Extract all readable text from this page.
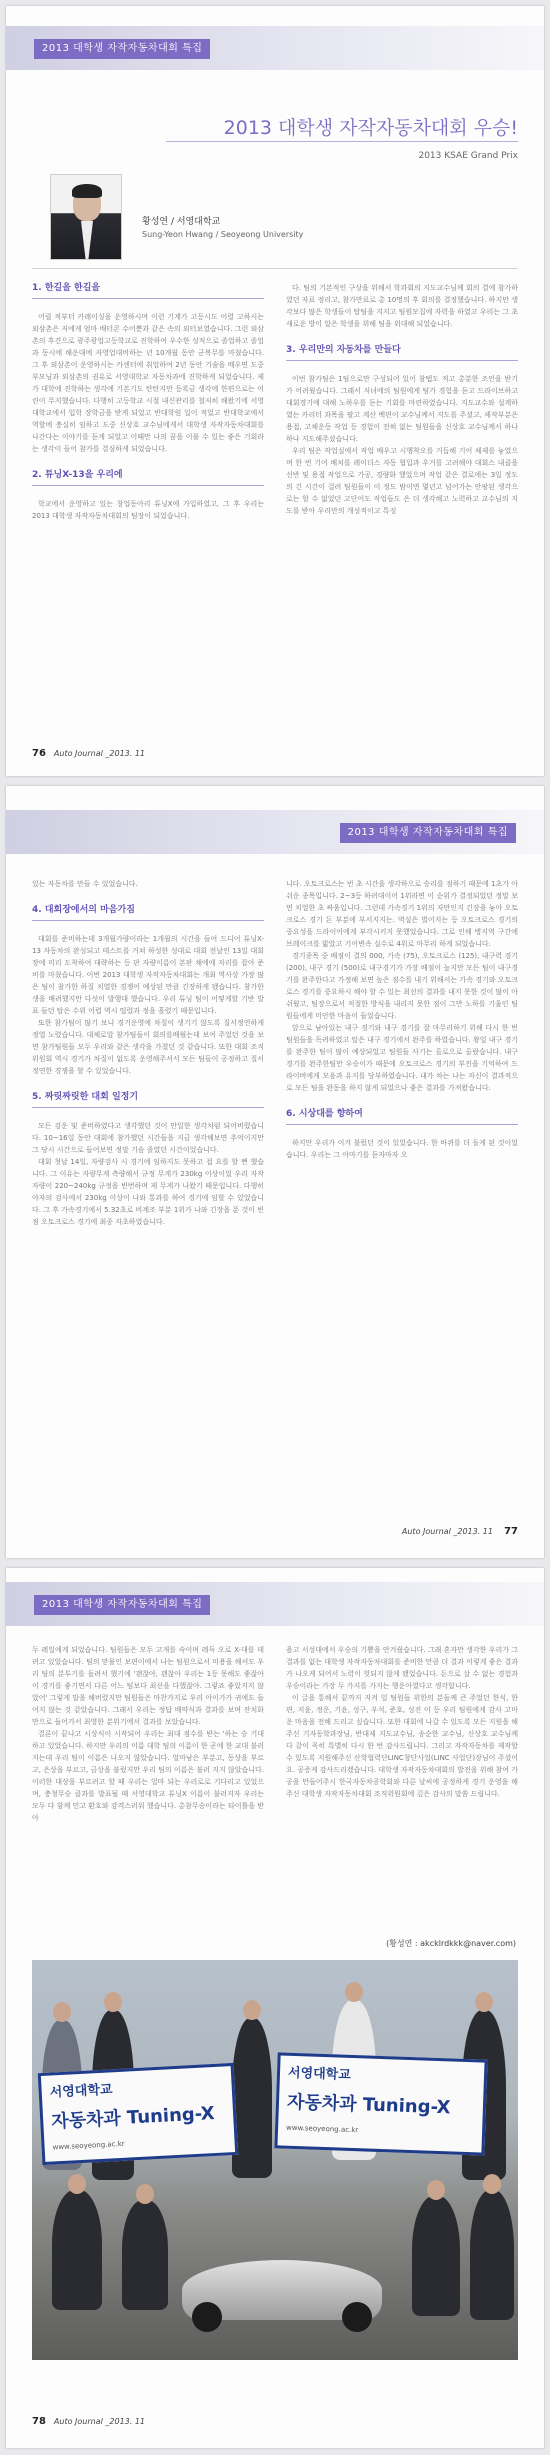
2013 대학생 자작자동차대회 특집
2013 대학생 자작자동차대회 우승!
2013 KSAE Grand Prix
황성연 / 서영대학교
Sung-Yeon Hwang / Seoyeong University
1. 한길을 한길을

어릴 적부터 카레이싱을 운영하시며 이런 기계가 고등시도 어렸 고하시는 외삼촌은 저에게 엄마 배터콘 수어뿐과 같은 속의 외터보였습니다. 그런 외삼촌의 후견으로 광주광업고등학교로 진학하여 우수한 성적으로 졸업하고 졸업과 동시에 해운대에 자영업대비하는 년 10개월 동안 군복무를 마쳤습니다. 그 후 외삼촌이 운영하시는 카센터에 취업하여 2년 동안 기술을 배우면 도중 부모님과 외삼촌의 권유로 서영대학교 자동차과에 진학하게 되었습니다. 제가 대학에 진학하는 생각에 기본기도 탄탄지만 등록금 생각에 한편으로는 어린이 무지했습니다. 다행히 고등학교 시절 내신관리를 철저히 해왔기에 서영대학교에서 입학 장학금을 받게 되었고 반대학원 일이 적었고 반대학교에서 역할에 충실히 임하고 도중 신상호 교수님에게서 대학생 자작자동차대회를 나간다는 이야기를 듣게 되었고 이때만 나의 꿈을 이룰 수 있는 좋은 기회라는 생각이 들어 참가를 결심하게 되었습니다.

2. 튜닝X-13을 우리에

학교에서 운영하고 있는 창업동아리 튜닝X에 가입하였고, 그 후 우리는 2013 대학생 자작자동차대회의 팀장이 되었습니다.

다. 팀의 기본적인 구상을 위해서 학과회의 지도교수님께 회의 결에 참가하였던 자료 정리고, 참가만료로 총 10명의 후 회의를 결정했습니다. 하지만 생각보다 많은 학생들이 탑팀을 지지고 팀원모집에 자력을 하였고 우리는 그 초 새로운 방이 알은 학생을 위해 팀을 위대해 되었습니다.

3. 우리만의 자동차를 만들다

이번 참가팀은 1팀으로만 구성되어 있어 참탭도 적고 총분한 조언을 받기가 어려웠습니다. 그래서 저녀에의 팀원에게 팀가 경험을 듣고 드라이브하고 대회경기에 대해 노하우를 듣는 기회를 마련하였습니다. 지도교수와 설계하였는 카리터 과목을 팔고 계산 백편이 교수님께서 지도를 주셨고, 제작부분은 용접, 고체운동 작업 등 경험이 전혀 없는 팀원들을 신상호 교수님께서 하나하나 지도해주셨습니다.

우리 팀은 작업실에서 작업 배우고 시행착오를 거듭해 기어 체제를 놓였으며 한 번 기어 배치를 레이더스 자동 협입과 우거를 고려해야 대회스 내클을 선반 및 용접 작업으로 가공, 경량화 했었으며 작업 같은 결로에는 3일 정도의 긴 시간이 걸려 팀원들이 이 정도 밤이면 몇년고 넘어가는 안팡된 생각으로는 할 수 없었던 고단어도 작업들도 은 더 생각해고 노력하고 교수님의 지도를 받아 우리만의 개성적이고 특징

76 Auto Journal _2013. 11
2013 대학생 자작자동차대회 특집

있는 자동차를 만들 수 있었습니다.

4. 대회장에서의 마음가짐

대회를 준비하는데 3개월가량이라는 1개월의 시간을 들여 드디어 튜닝X-13 자동차의 완성되고 테스트를 거쳐 하성한 성대로 대회 전날인 13일 대회장에 미리 도착하여 대략하는 등 판 자량이름이 본판 채에에 자리를 잡아 준비를 마쳤습니다. 이번 2013 대학생 자작자동차대회는 개최 역사상 가장 많은 팀이 참가한 하질 치열한 경쟁이 예상된 만큼 긴장하게 됐습니다. 참가한생을 배려했지만 다섯이 발행대 했습니다. 우리 튜닝 팀이 어떻게할 기반 발표 들던 탑은 수위 어렵 역시 떨렸과 정을 흘렸기 때문입니다.

또한 참가팀이 많기 보니 경기운영에 차질이 생기기 않도록 질서정연하게 정열 노렸습니다. 대체로알 참가팀들이 회의를배웠는데 보여 주었던 것을 보면 참가팀원들 모두 우리와 같은 생각을 가졌던 것 같습니다. 또한 대회 조직위원회 역시 경기가 차질이 없도록 운영해주셔서 모든 팀들이 공정하고 질서정연한 경쟁을 할 수 있었습니다.

5. 짜릿짜릿한 대회 일정기

모든 검운 및 준비하였다고 생각했던 것이 만일한 생각처럼 되어버렸습니다. 10~16일 동안 대회에 참가했던 시간들을 지금 생각해보면 추억이지만 그 당시 시간으로 들어보면 정말 기슴 졸였던 시간이었습니다.

대회 첫날 14일, 자량검사 시 경기에 임하지도 못하고 접 요를 할 뻔 했습니다. 그 이유는 자량무게 측량해서 규정 무게가 230kg 이상이었 우리 자작자량이 220~240kg 규정을 빈번하며 제 무게가 나왔기 때문입니다. 다행히 야자의 검사에서 230kg 이상이 나와 통과를 하여 경기에 임할 수 있었습니다. 그 후 가속경기에서 5.32초로 비계조 부분 1위가 나와 긴장을 푼 것이 빈점 오토크로스 경기에 최종 자초하였습니다.

니다. 오토크로스는 빈 초 시간을 생각하으로 승리를 점하기 때문에 1초가 아쉬운 종목입니다. 2~3등 하려대이어 1위라면 이 순위가 결정되었던 정말 보면 치열한 초 싸움입니다. 그런데 가속경기 1위의 자만인지 긴장을 놓아 오토크로스 경기 돈 부분에 부서지지는. 역설은 벌어지는 등 오토크로스 경기의 중요성을 드라이어에게 부각시키지 못했었습니다. 그로 인해 병지역 구간에 브레이크를 밟았고 기어변속 실수로 4위로 마무리 하게 되었습니다.

경기종목 중 배점이 결의 000, 가속 (75), 오토크로스 (125), 내구력 경기 (200), 내구 경기 (500)로 내구경기가 가장 배점이 높지만 모든 팀이 내구경기를 완주한다고 가정해 보면 높은 점수를 내기 위해서는 가속 경기와 오토크로스 경기를 중요하시 해야 할 수 있는 최선의 결과를 내지 못한 것이 많이 아쉬웠고, 팀장으로서 적절한 방식을 내리지 못한 점이 그만 노하를 기울인 팀원들에게 미안한 마음이 들었습니다.

앞으로 남아있는 내구 경기와 내구 경기를 잘 마무리하기 위해 다시 한 번 팀원들을 독려하였고 말은 내구 경기에서 완주를 하였습니다. 왕일 내구 경기를 완주한 팀이 많이 예상되었고 팀원들 사기는 올로으로 올랐습니다. 내구 경기를 완주한팀만 우승이가 때문에 오토크로스 경기의 부진을 기억하여 드라이버에게 모음과 유지를 당부하였습니다. 내가 차는 나는 자신이 결과적으로 모든 팀을 완동을 하지 않게 되었으나 좋은 결과를 가져왔습니다.

6. 시상대를 향하여

하지만 우리가 이겨 불렀던 것이 있었습니다. 한 바퀴를 더 돌게 된 것이었습니다. 우리는 그 아마기를 듣자마자 오

Auto Journal _2013. 11 77
2013 대학생 자작자동차대회 특집

두 레일에게 되었습니다. 팀원들은 모두 고개를 숙이며 레득 오로 X-대를 데려고 있었습니다. 팀의 맏물인 보편이에서 나는 팀원으로서 미용을 해서도 우리 팀의 분투기를 돌려서 했기에 '괜찮아, 괜찮아 우리는 1등 못해도 좋잖아 이 경기를 좋기면서 다른 어느 팀보다 최선을 다했잖아. 그렇죠 좋았지지 않았어' 그렇게 말을 해버렸지만 팀원들은 마찬가지로 우리 아이가가 귀에도 들어지 않는 것 같았습니다. 그래서 우리는 정답 배약식과 결과를 보며 잔치화 만으로 들어가서 최영한 분위기에서 결과를 보았습니다.

결론이 끝나고 시상식이 시작되어 우리는 최대 점수를 받는 '하는 승 기대하고 있었습니다. 하지만 우리의 이름 대학 팀의 이름이 한 곧에 한 교대 불러 지는데 우리 팀이 이름은 나오지 않았습니다. 얼마남은 부분고, 동상을 부르고, 은상을 부르고, 금상을 불렀지만 우리 팀의 이름은 불러 지지 않았습니다. 이러한 대상을 부르려고 할 때 우리는 얼마 되는 우리로로 기다리고 있었으며, 충청무승 클과를 발표될 때 서영대학교 튜닝X 이름이 불러지자 우리는 모두 다 함께 민고 환호와 감격스러워 했습니다. 총참무승이라는 타이틀을 받아

을고 서성대에서 우승의 기쁨을 안겨줬습니다. 그래 혼자만 생각한 우리가 그 결과를 없는 대학생 자작자동차대회를 준비한 만큼 더 결과 이렇게 좋은 결과가 나오게 되어서 노력이 헛되지 않게 됐었습니다. 돈으로 살 수 없는 경험과 우승이라는 가장 두 가지를 가지는 행운아였다고 생각합니다.

이 글을 통해서 끝까지 지켜 일 팀원들 위한의 분들께 큰 주었던 한식, 한편, 지윤, 정운, 기윤, 성구, 우석, 준호, 성진 이 등 우리 팀원에게 감사 고마운 마음을 전해 드리고 싶습니다. 또한 대회에 나갈 수 있도록 모든 지원을 해주신 기자동학과장님, 반대제 지도교수님, 송순한 교수님, 신상호 교수님께 다 같이 꼭히 특별히 다시 한 번 감사드립니다. 그리고 자작자동차를 제작할 수 있도록 지원해주신 산학협력단LINC창단사업(LINC 사업단)장님이 주셨어요. 공증게 감사드리겠습니다. 대학생 자작자동차대회의 발전을 위해 참여 가공을 만들어주시 한국자동차공학회와 다른 날씨에 공정하게 경기 운영을 해주신 대학생 자작자동차대회 조직위원회에 깊은 감사의 말씀 드립니다.

(황성연 : akcklrdkkk@naver.com)
서영대학교
자동차과 Tuning-X
www.seoyeong.ac.kr
서영대학교
자동차과 Tuning-X
www.seoyeong.ac.kr
78 Auto Journal _2013. 11
